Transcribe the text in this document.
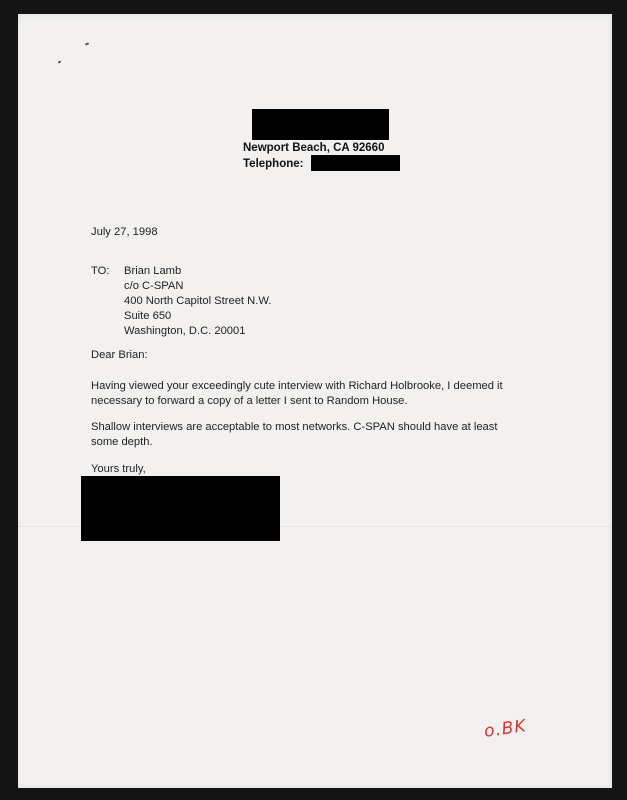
Newport Beach, CA 92660
Telephone:
July 27, 1998
TO: Brian Lamb
c/o C-SPAN
400 North Capitol Street N.W.
Suite 650
Washington, D.C. 20001
Dear Brian:
Having viewed your exceedingly cute interview with Richard Holbrooke, I deemed it
necessary to forward a copy of a letter I sent to Random House.
Shallow interviews are acceptable to most networks. C-SPAN should have at least
some depth.
Yours truly,
o.BK
